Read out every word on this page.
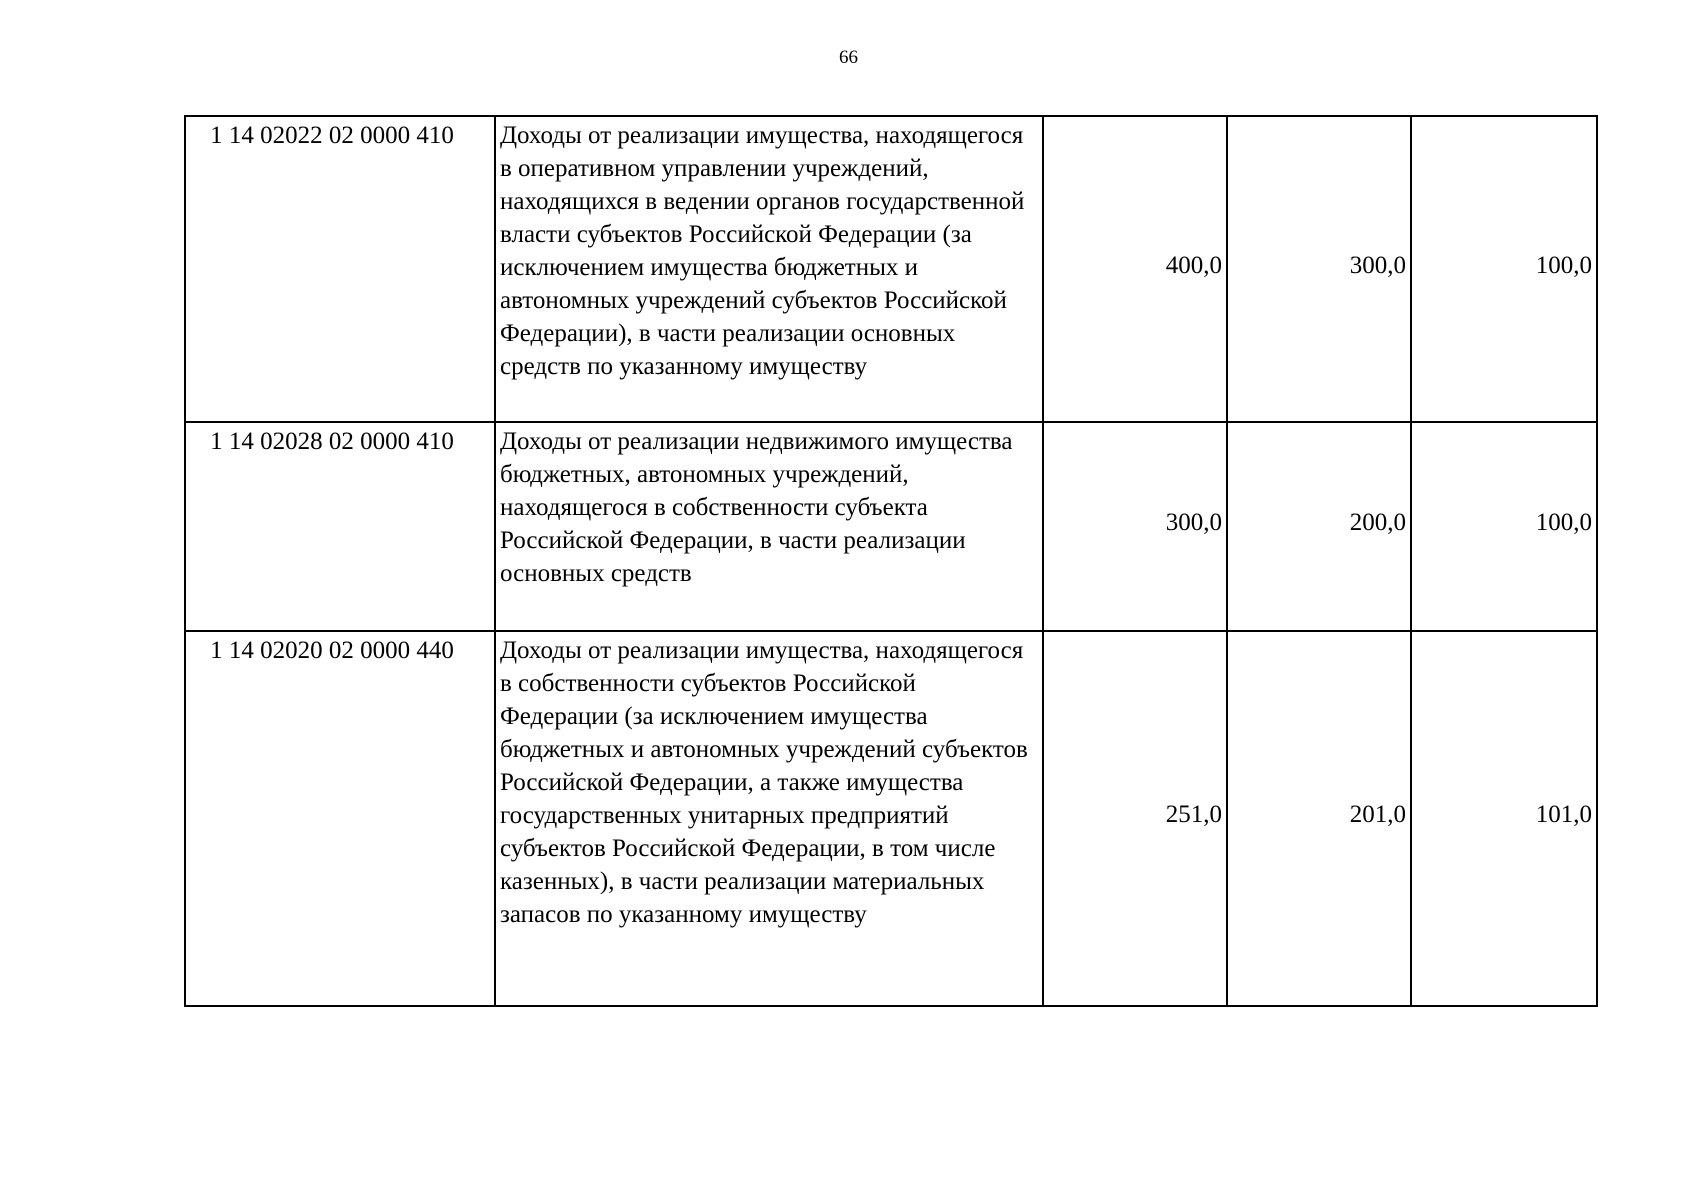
66
1 14 02022 02 0000 410	Доходы от реализации имущества, находящегося в оперативном управлении учреждений, находящихся в ведении органов государственной власти субъектов Российской Федерации (за исключением имущества бюджетных и автономных учреждений субъектов Российской Федерации), в части реализации основных средств по указанному имуществу	400,0	300,0	100,0
1 14 02028 02 0000 410	Доходы от реализации недвижимого имущества бюджетных, автономных учреждений, находящегося в собственности субъекта Российской Федерации, в части реализации основных средств	300,0	200,0	100,0
1 14 02020 02 0000 440	Доходы от реализации имущества, находящегося в собственности субъектов Российской Федерации (за исключением имущества бюджетных и автономных учреждений субъектов Российской Федерации, а также имущества государственных унитарных предприятий субъектов Российской Федерации, в том числе казенных), в части реализации материальных запасов по указанному имуществу	251,0	201,0	101,0
